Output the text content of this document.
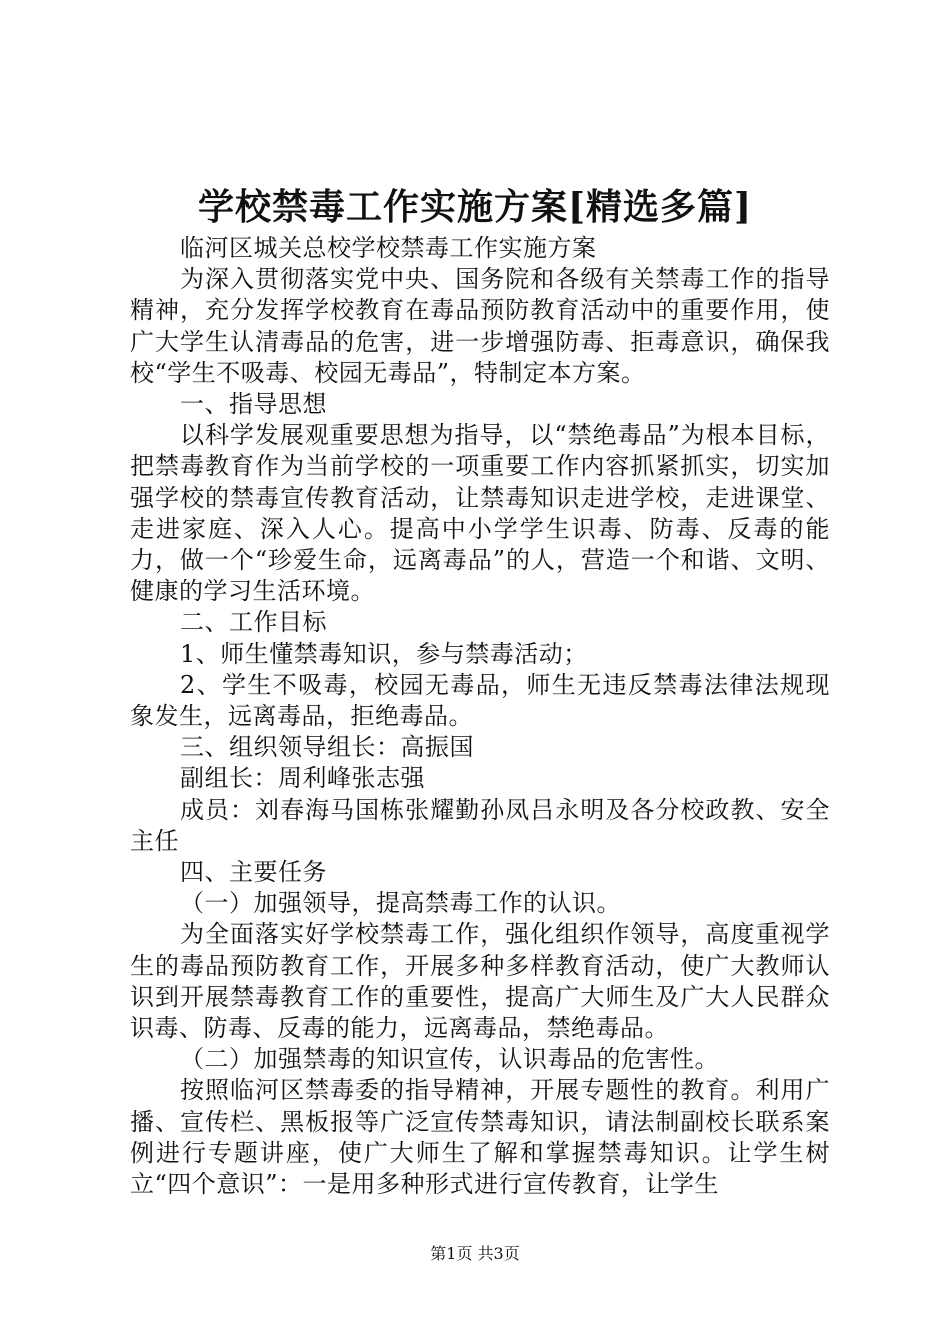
学校禁毒工作实施方案[精选多篇]

临河区城关总校学校禁毒工作实施方案

为深入贯彻落实党中央、国务院和各级有关禁毒工作的指导精神，充分发挥学校教育在毒品预防教育活动中的重要作用，使广大学生认清毒品的危害，进一步增强防毒、拒毒意识，确保我校“学生不吸毒、校园无毒品”，特制定本方案。

一、指导思想

以科学发展观重要思想为指导，以“禁绝毒品”为根本目标，把禁毒教育作为当前学校的一项重要工作内容抓紧抓实，切实加强学校的禁毒宣传教育活动，让禁毒知识走进学校，走进课堂、走进家庭、深入人心。提高中小学学生识毒、防毒、反毒的能力，做一个“珍爱生命，远离毒品”的人，营造一个和谐、文明、健康的学习生活环境。

二、工作目标

1、师生懂禁毒知识，参与禁毒活动；

2、学生不吸毒，校园无毒品，师生无违反禁毒法律法规现象发生，远离毒品，拒绝毒品。

三、组织领导组长：高振国

副组长：周利峰张志强

成员：刘春海马国栋张耀勤孙凤吕永明及各分校政教、安全主任

四、主要任务

（一）加强领导，提高禁毒工作的认识。

为全面落实好学校禁毒工作，强化组织作领导，高度重视学生的毒品预防教育工作，开展多种多样教育活动，使广大教师认识到开展禁毒教育工作的重要性，提高广大师生及广大人民群众识毒、防毒、反毒的能力，远离毒品，禁绝毒品。

（二）加强禁毒的知识宣传，认识毒品的危害性。

按照临河区禁毒委的指导精神，开展专题性的教育。利用广播、宣传栏、黑板报等广泛宣传禁毒知识，请法制副校长联系案例进行专题讲座，使广大师生了解和掌握禁毒知识。让学生树立“四个意识”：一是用多种形式进行宣传教育，让学生

第1页 共3页
